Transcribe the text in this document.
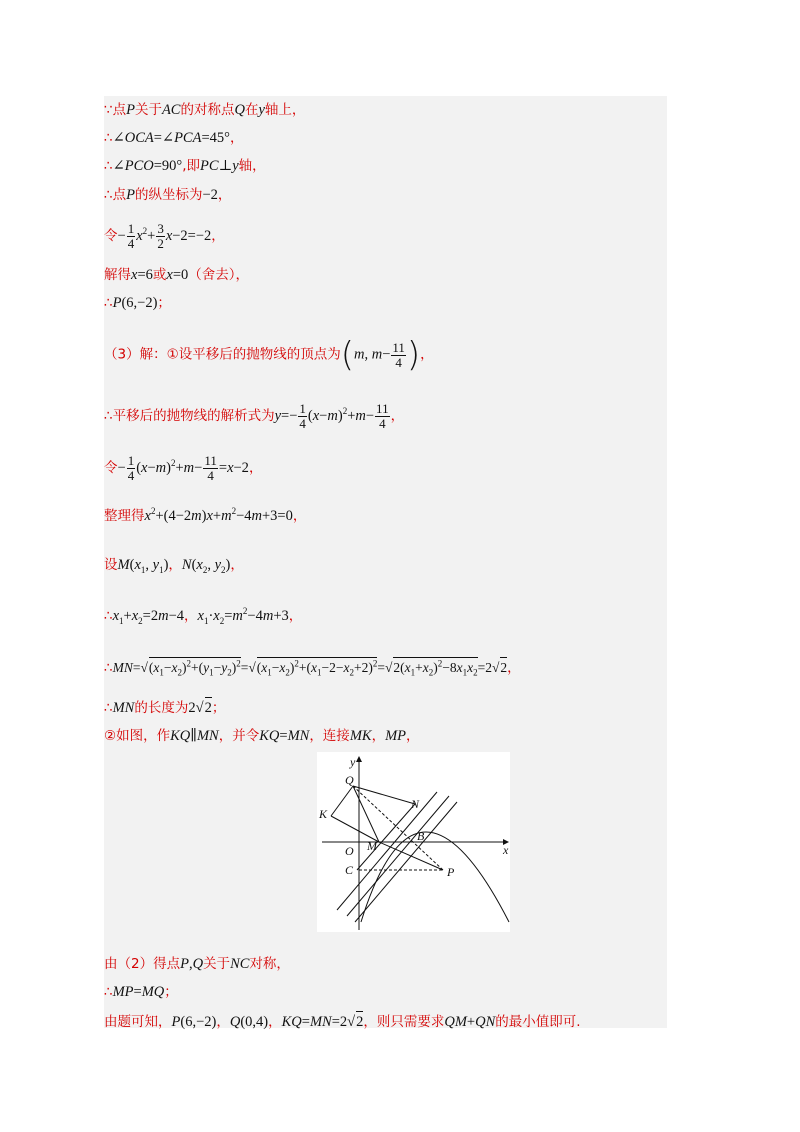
∵点P关于AC的对称点Q在y轴上，
∴∠OCA=∠PCA=45°，
∴∠PCO=90°,即PC⊥y轴，
∴点P的纵坐标为−2，
令− $\frac{1}{4} x^2+ \frac{3}{2} x-2=-2$，
解得x=6或x=0（舍去），
∴P(6,−2)；
（3）解：①设平移后的抛物线的顶点为(m, $m- \frac{11}{4}$ )，
∴平移后的抛物线的解析式为$y=- \frac{1}{4} (x-m)^2+m- \frac{11}{4}$ ，
令− $\frac{1}{4} (x-m)^2+m- \frac{11}{4} =x-2$，
整理得$x^2+(4-2m)x+m^2-4m+3=0$，
设$M(x_1$, $y_1$)，$N(x_2$, $y_2$)，
$\therefore x_1+x_2=2m-4$，$x_1\cdot x_2=m^2-4m+3$，
$\therefore MN=√(x_1-x_2)^2+(y_1-y_2)^2=√(x_1-x_2)^2+(x_1-2-x_2+2)^2=√2(x_1+x_2)^2-8x_1x_2=2√2$，
∴MN的长度为2√2；
②如图，作KQ∥MN，并令KQ=MN，连接MK，MP，
y
x
Q
K
N
B
O M
C	P
由（2）得点P,Q关于NC对称，
∴MP=MQ；
由题可知，P(6,−2)，Q(0,4)，KQ=MN=2√2，则只需要求QM+QN的最小值即可.
